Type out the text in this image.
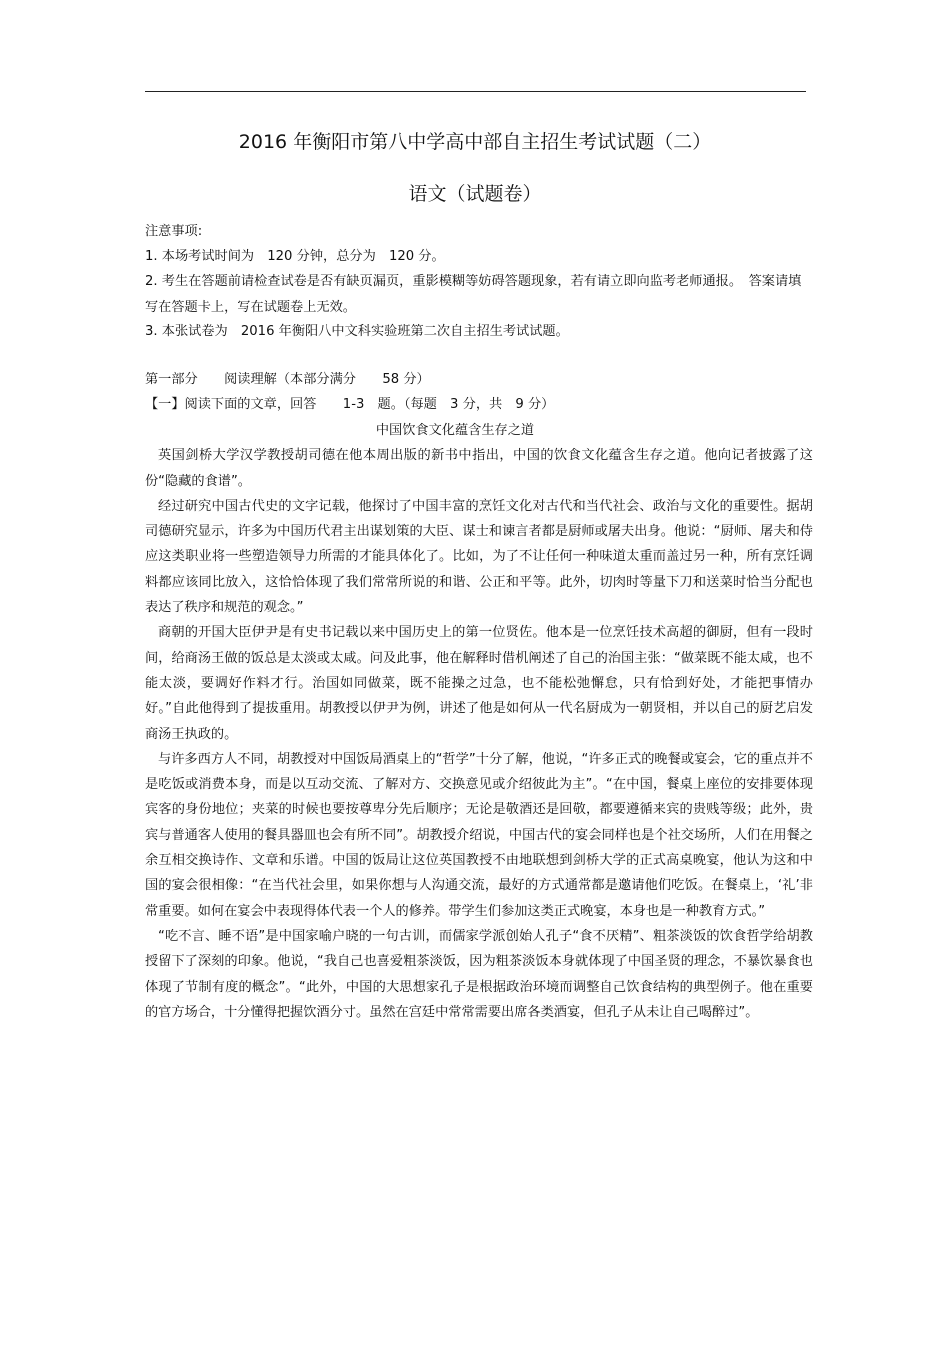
2016 年衡阳市第八中学高中部自主招生考试试题（二）
语文（试题卷）

注意事项:

1. 本场考试时间为　120 分钟，总分为　120 分。

2. 考生在答题前请检查试卷是否有缺页漏页，重影模糊等妨碍答题现象，若有请立即向监考老师通报。　答案请填写在答题卡上，写在试题卷上无效。

3. 本张试卷为　2016 年衡阳八中文科实验班第二次自主招生考试试题。

第一部分　　阅读理解（本部分满分　　58 分）

【一】阅读下面的文章，回答　　1-3　题。（每题　3 分，共　9 分）

中国饮食文化蕴含生存之道

英国剑桥大学汉学教授胡司德在他本周出版的新书中指出，中国的饮食文化蕴含生存之道。他向记者披露了这份“隐藏的食谱”。

经过研究中国古代史的文字记载，他探讨了中国丰富的烹饪文化对古代和当代社会、政治与文化的重要性。据胡司德研究显示，许多为中国历代君主出谋划策的大臣、谋士和谏言者都是厨师或屠夫出身。他说：“厨师、屠夫和侍应这类职业将一些塑造领导力所需的才能具体化了。比如，为了不让任何一种味道太重而盖过另一种，所有烹饪调料都应该同比放入，这恰恰体现了我们常常所说的和谐、公正和平等。此外，切肉时等量下刀和送菜时恰当分配也表达了秩序和规范的观念。”

商朝的开国大臣伊尹是有史书记载以来中国历史上的第一位贤佐。他本是一位烹饪技术高超的御厨，但有一段时间，给商汤王做的饭总是太淡或太咸。问及此事，他在解释时借机阐述了自己的治国主张：“做菜既不能太咸，也不能太淡，要调好作料才行。治国如同做菜，既不能操之过急，也不能松弛懈怠，只有恰到好处，才能把事情办好。”自此他得到了提拔重用。胡教授以伊尹为例，讲述了他是如何从一代名厨成为一朝贤相，并以自己的厨艺启发商汤王执政的。

与许多西方人不同，胡教授对中国饭局酒桌上的“哲学”十分了解，他说，“许多正式的晚餐或宴会，它的重点并不是吃饭或消费本身，而是以互动交流、了解对方、交换意见或介绍彼此为主”。“在中国，餐桌上座位的安排要体现宾客的身份地位；夹菜的时候也要按尊卑分先后顺序；无论是敬酒还是回敬，都要遵循来宾的贵贱等级；此外，贵宾与普通客人使用的餐具器皿也会有所不同”。胡教授介绍说，中国古代的宴会同样也是个社交场所，人们在用餐之余互相交换诗作、文章和乐谱。中国的饭局让这位英国教授不由地联想到剑桥大学的正式高桌晚宴，他认为这和中国的宴会很相像：“在当代社会里，如果你想与人沟通交流，最好的方式通常都是邀请他们吃饭。在餐桌上，‘礼’非常重要。如何在宴会中表现得体代表一个人的修养。带学生们参加这类正式晚宴，本身也是一种教育方式。”

“吃不言、睡不语”是中国家喻户晓的一句古训，而儒家学派创始人孔子“食不厌精”、粗茶淡饭的饮食哲学给胡教授留下了深刻的印象。他说，“我自己也喜爱粗茶淡饭，因为粗茶淡饭本身就体现了中国圣贤的理念，不暴饮暴食也体现了节制有度的概念”。“此外，中国的大思想家孔子是根据政治环境而调整自己饮食结构的典型例子。他在重要的官方场合，十分懂得把握饮酒分寸。虽然在宫廷中常常需要出席各类酒宴，但孔子从未让自己喝醉过”。
